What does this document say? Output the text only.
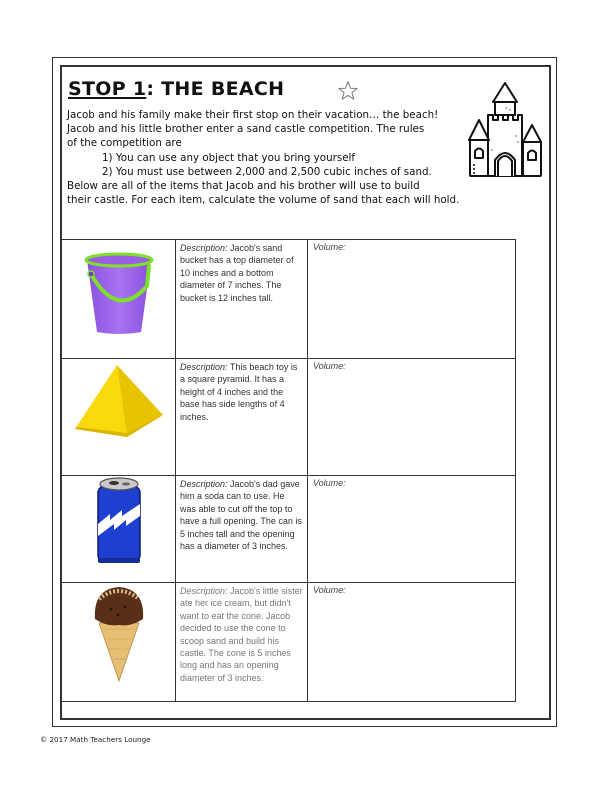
STOP 1: THE BEACH

Jacob and his family make their first stop on their vacation… the beach!

Jacob and his little brother enter a sand castle competition. The rules

of the competition are

1) You can use any object that you bring yourself

2) You must use between 2,000 and 2,500 cubic inches of sand.

Below are all of the items that Jacob and his brother will use to build

their castle. For each item, calculate the volume of sand that each will hold.

	Description: Jacob's sand bucket has a top diameter of 10 inches and a bottom diameter of 7 inches. The bucket is 12 inches tall.	Volume:
	Description: This beach toy is a square pyramid. It has a height of 4 inches and the base has side lengths of 4 inches.	Volume:
	Description: Jacob's dad gave him a soda can to use. He was able to cut off the top to have a full opening. The can is 5 inches tall and the opening has a diameter of 3 inches.	Volume:
	Description: Jacob's little sister ate her ice cream, but didn't want to eat the cone. Jacob decided to use the cone to scoop sand and build his castle. The cone is 5 inches long and has an opening diameter of 3 inches.	Volume:
© 2017 Math Teachers Lounge
